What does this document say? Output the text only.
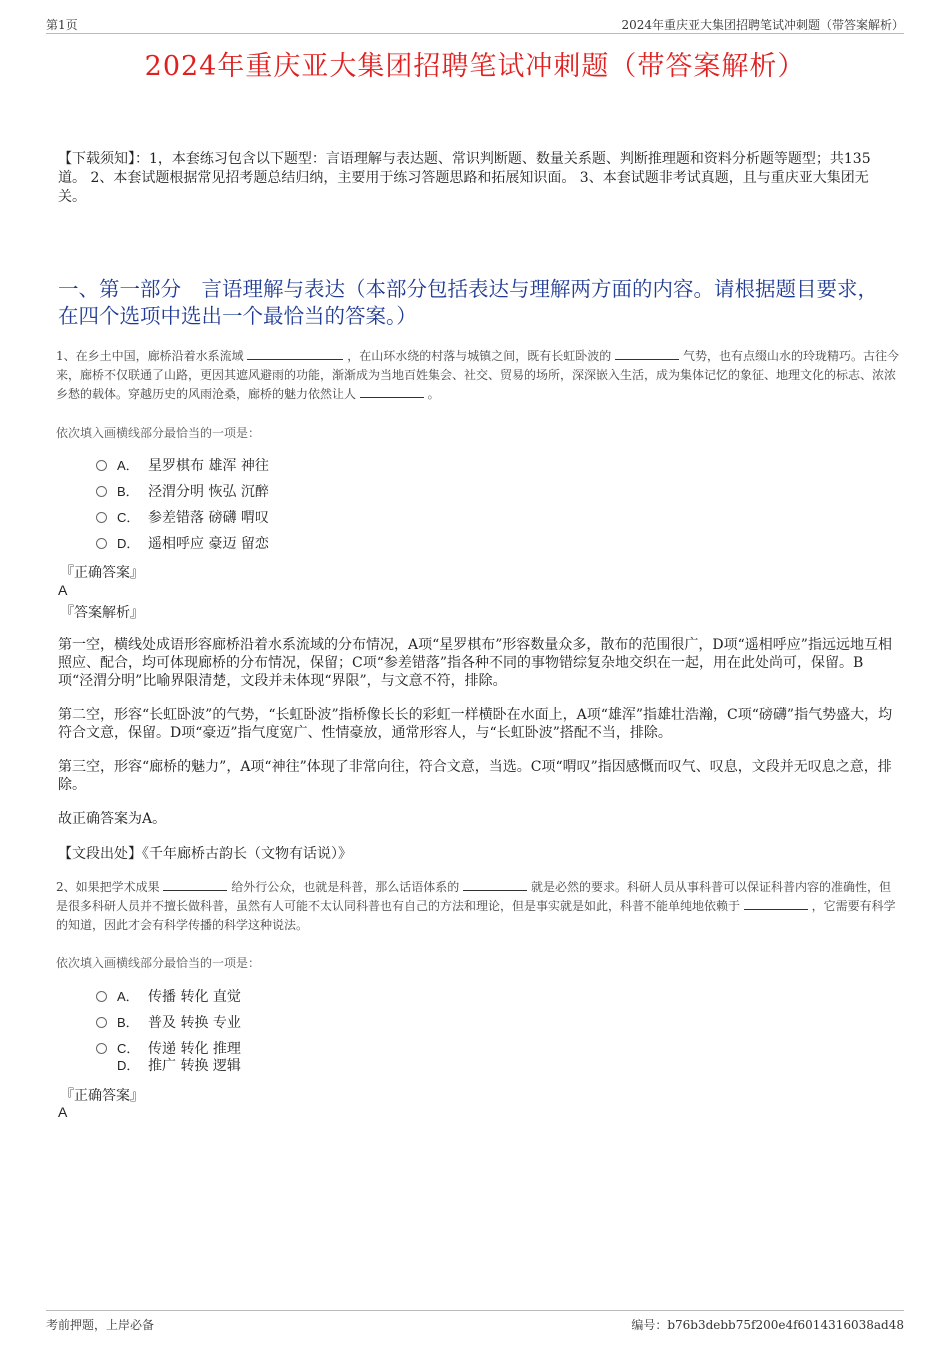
第1页	2024年重庆亚大集团招聘笔试冲刺题（带答案解析）
2024年重庆亚大集团招聘笔试冲刺题（带答案解析）
【下载须知】：1，本套练习包含以下题型：言语理解与表达题、常识判断题、数量关系题、判断推理题和资料分析题等题型；共135道。 2、本套试题根据常见招考题总结归纳，主要用于练习答题思路和拓展知识面。 3、本套试题非考试真题，且与重庆亚大集团无关。
一、第一部分　言语理解与表达（本部分包括表达与理解两方面的内容。请根据题目要求，在四个选项中选出一个最恰当的答案。）
1、在乡土中国，廊桥沿着水系流域	，在山环水绕的村落与城镇之间，既有长虹卧波的	气势，也有点缀山水的玲珑精巧。古往今来，廊桥不仅联通了山路，更因其遮风避雨的功能，渐渐成为当地百姓集会、社交、贸易的场所，深深嵌入生活，成为集体记忆的象征、地理文化的标志、浓浓乡愁的载体。穿越历史的风雨沧桑，廊桥的魅力依然让人	。
依次填入画横线部分最恰当的一项是：
A． 星罗棋布 雄浑 神往
B． 泾渭分明 恢弘 沉醉
C． 参差错落 磅礴 喟叹
D． 遥相呼应 豪迈 留恋
『正确答案』
A
『答案解析』
第一空，横线处成语形容廊桥沿着水系流域的分布情况，A项“星罗棋布”形容数量众多，散布的范围很广，D项“遥相呼应”指远远地互相照应、配合，均可体现廊桥的分布情况，保留；C项“参差错落”指各种不同的事物错综复杂地交织在一起，用在此处尚可，保留。B项“泾渭分明”比喻界限清楚，文段并未体现“界限”，与文意不符，排除。
第二空，形容“长虹卧波”的气势，“长虹卧波”指桥像长长的彩虹一样横卧在水面上，A项“雄浑”指雄壮浩瀚，C项“磅礴”指气势盛大，均符合文意，保留。D项“豪迈”指气度宽广、性情豪放，通常形容人，与“长虹卧波”搭配不当，排除。
第三空，形容“廊桥的魅力”，A项“神往”体现了非常向往，符合文意，当选。C项“喟叹”指因感慨而叹气、叹息，文段并无叹息之意，排除。
故正确答案为A。
【文段出处】《千年廊桥古韵长（文物有话说）》
2、如果把学术成果	给外行公众，也就是科普，那么话语体系的	就是必然的要求。科研人员从事科普可以保证科普内容的准确性，但是很多科研人员并不擅长做科普，虽然有人可能不太认同科普也有自己的方法和理论，但是事实就是如此，科普不能单纯地依赖于	，它需要有科学的知道，因此才会有科学传播的科学这种说法。
依次填入画横线部分最恰当的一项是：
A． 传播 转化 直觉
B． 普及 转换 专业
C． 传递 转化 推理
D． 推广 转换 逻辑
『正确答案』
A
考前押题，上岸必备	编号：b76b3debb75f200e4f6014316038ad48
